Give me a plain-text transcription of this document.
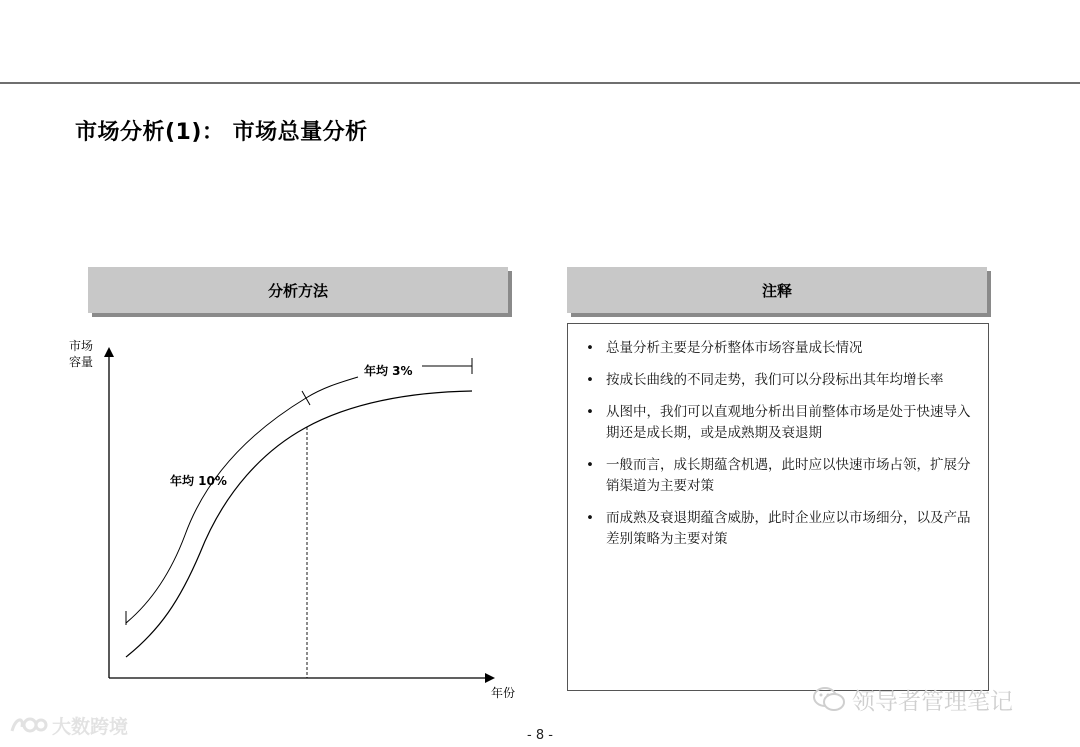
市场分析(1)： 市场总量分析
分析方法	注释
市场
容量
年份
年均 10%
年均 3%
• 总量分析主要是分析整体市场容量成长情况
• 按成长曲线的不同走势，我们可以分段标出其年均增长率
• 从图中，我们可以直观地分析出目前整体市场是处于快速导入期还是成长期，或是成熟期及衰退期
• 一般而言，成长期蕴含机遇，此时应以快速市场占领，扩展分销渠道为主要对策
• 而成熟及衰退期蕴含威胁，此时企业应以市场细分，以及产品差别策略为主要对策
领导者管理笔记
大数跨境	- 8 -
